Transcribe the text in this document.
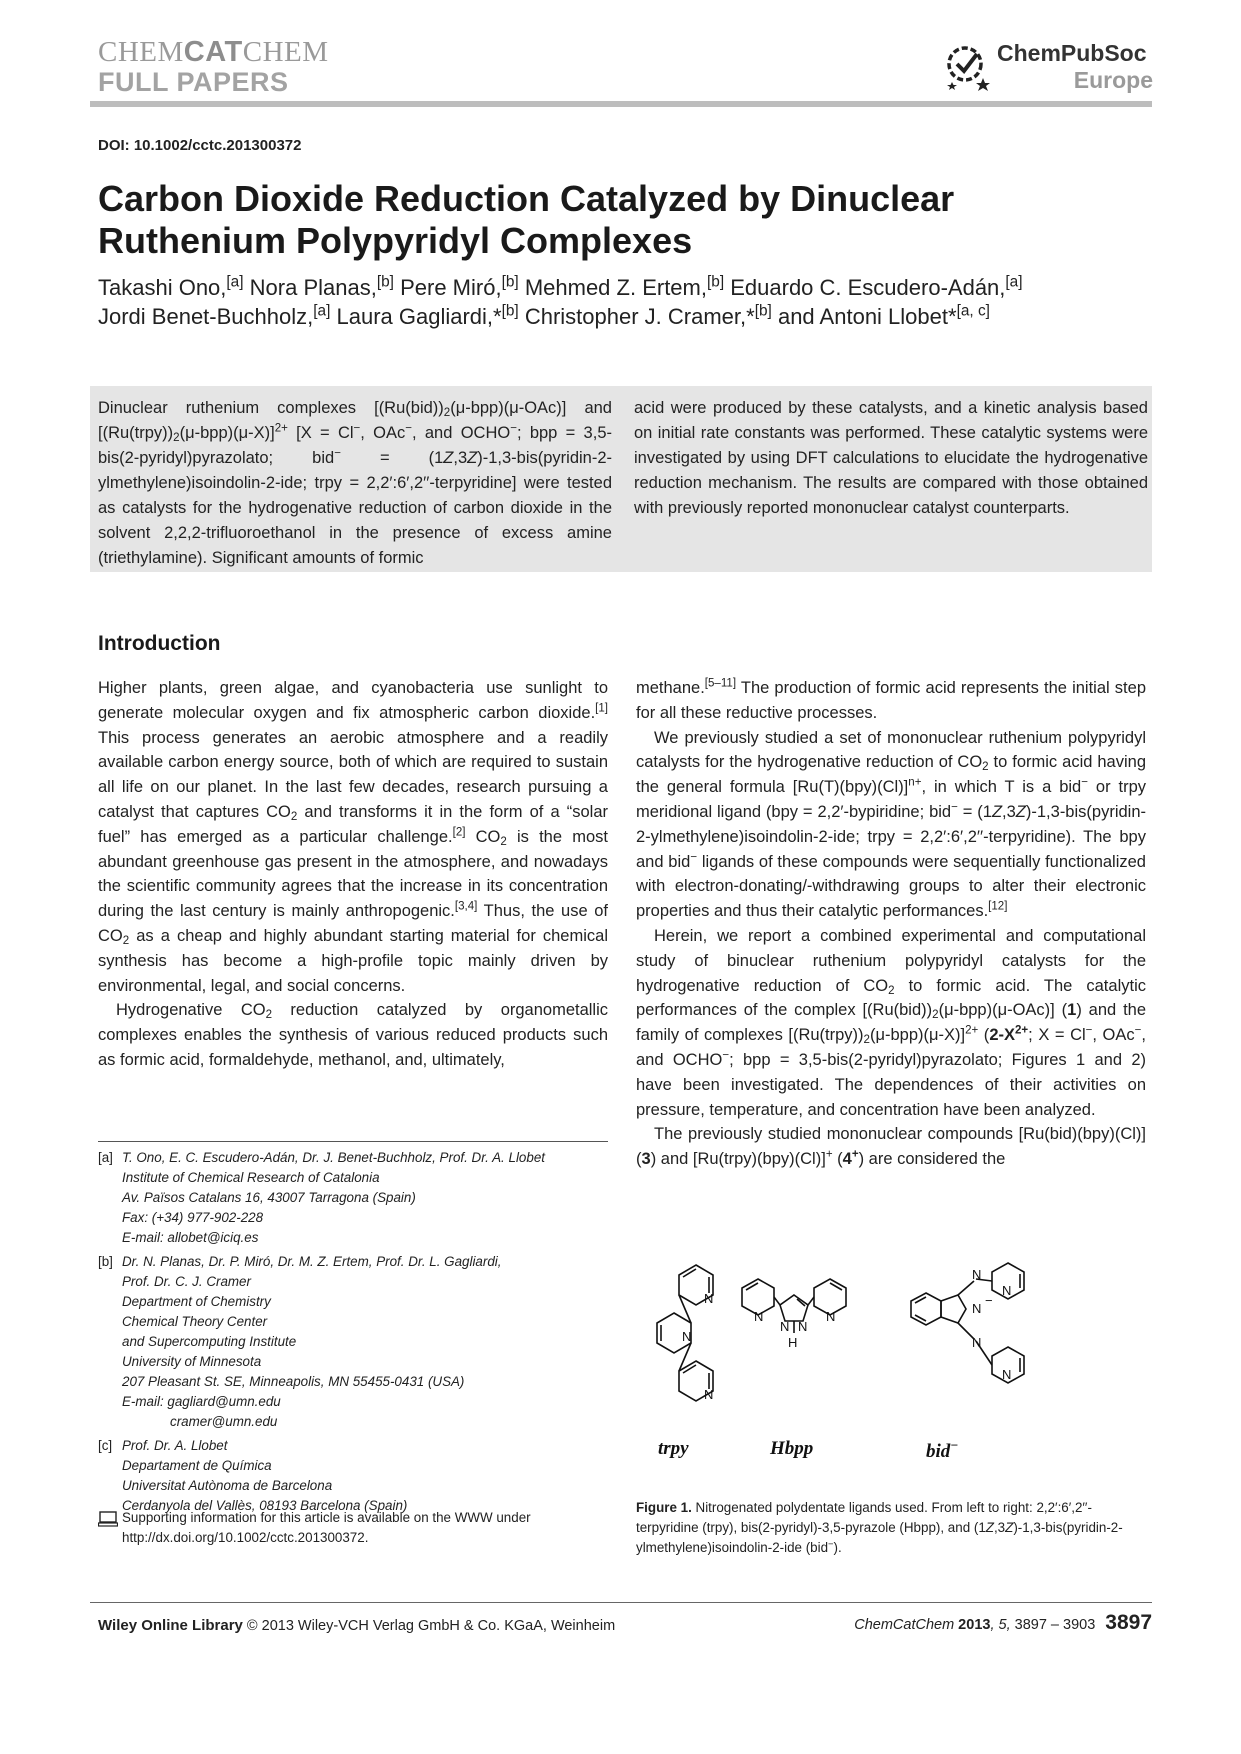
CHEMCATCHEM
FULL PAPERS
ChemPubSoc
Europe
DOI: 10.1002/cctc.201300372
Carbon Dioxide Reduction Catalyzed by Dinuclear
Ruthenium Polypyridyl Complexes
Takashi Ono,[a] Nora Planas,[b] Pere Miró,[b] Mehmed Z. Ertem,[b] Eduardo C. Escudero-Adán,[a]
Jordi Benet-Buchholz,[a] Laura Gagliardi,*[b] Christopher J. Cramer,*[b] and Antoni Llobet*[a, c]
Dinuclear ruthenium complexes $[(Ru(bid))_2(\mu-bpp)(\mu-OAc)]$ and $[(Ru(trpy))_2(\mu-bpp)(\mu-X)]^{2+}$ [X = Cl−, OAc−, and OCHO−; bpp = 3,5-bis(2-pyridyl)pyrazolato; bid− = (1Z,3Z)-1,3-bis(pyridin-2-ylmethylene)isoindolin-2-ide; trpy = 2,2′:6′,2′′-terpyridine] were tested as catalysts for the hydrogenative reduction of carbon dioxide in the solvent 2,2,2-trifluoroethanol in the presence of excess amine (triethylamine). Significant amounts of formic
acid were produced by these catalysts, and a kinetic analysis based on initial rate constants was performed. These catalytic systems were investigated by using DFT calculations to elucidate the hydrogenative reduction mechanism. The results are compared with those obtained with previously reported mononuclear catalyst counterparts.
Introduction

Higher plants, green algae, and cyanobacteria use sunlight to generate molecular oxygen and fix atmospheric carbon dioxide.[1] This process generates an aerobic atmosphere and a readily available carbon energy source, both of which are required to sustain all life on our planet. In the last few decades, research pursuing a catalyst that captures $CO_2$ and transforms it in the form of a “solar fuel” has emerged as a particular challenge.[2] $CO_2$ is the most abundant greenhouse gas present in the atmosphere, and nowadays the scientific community agrees that the increase in its concentration during the last century is mainly anthropogenic.[3,4] Thus, the use of $CO_2$ as a cheap and highly abundant starting material for chemical synthesis has become a high-profile topic mainly driven by environmental, legal, and social concerns.

Hydrogenative $CO_2$ reduction catalyzed by organometallic complexes enables the synthesis of various reduced products such as formic acid, formaldehyde, methanol, and, ultimately,

methane.[5–11] The production of formic acid represents the initial step for all these reductive processes.

We previously studied a set of mononuclear ruthenium polypyridyl catalysts for the hydrogenative reduction of $CO_2$ to formic acid having the general formula $[Ru(T)(bpy)(Cl)]^{n+}$, in which T is a bid− or trpy meridional ligand (bpy = 2,2′-bypiridine; bid− = (1Z,3Z)-1,3-bis(pyridin-2-ylmethylene)isoindolin-2-ide; trpy = 2,2′:6′,2′′-terpyridine). The bpy and bid− ligands of these compounds were sequentially functionalized with electron-donating/-withdrawing groups to alter their electronic properties and thus their catalytic performances.[12]

Herein, we report a combined experimental and computational study of binuclear ruthenium polypyridyl catalysts for the hydrogenative reduction of $CO_2$ to formic acid. The catalytic performances of the complex $[(Ru(bid))_2(\mu-bpp)(\mu-OAc)]$ (1) and the family of complexes $[(Ru(trpy))_2(\mu-bpp)(\mu-X)]^{2+}$ ($2-X^{2+}$; X = Cl−, OAc−, and OCHO−; bpp = 3,5-bis(2-pyridyl)pyrazolato; Figures 1 and 2) have been investigated. The dependences of their activities on pressure, temperature, and concentration have been analyzed.

The previously studied mononuclear compounds [Ru(bid)(bpy)(Cl)] (3) and [Ru(trpy)(bpy)(Cl)]+ (4+) are considered the

[a] T. Ono, E. C. Escudero-Adán, Dr. J. Benet-Buchholz, Prof. Dr. A. Llobet
Institute of Chemical Research of Catalonia
Av. Països Catalans 16, 43007 Tarragona (Spain)
Fax: (+34) 977-902-228
E-mail: allobet@iciq.es
[b] Dr. N. Planas, Dr. P. Miró, Dr. M. Z. Ertem, Prof. Dr. L. Gagliardi,
Prof. Dr. C. J. Cramer
Department of Chemistry
Chemical Theory Center
and Supercomputing Institute
University of Minnesota
207 Pleasant St. SE, Minneapolis, MN 55455-0431 (USA)
E-mail: gagliard@umn.edu
cramer@umn.edu
[c] Prof. Dr. A. Llobet
Departament de Química
Universitat Autònoma de Barcelona
Cerdanyola del Vallès, 08193 Barcelona (Spain)
Supporting information for this article is available on the WWW under http://dx.doi.org/10.1002/cctc.201300372.
N
N
N
N	N
N N
H
N
N
N
N
N
−
trpy	Hbpp	bid−
Figure 1. Nitrogenated polydentate ligands used. From left to right: 2,2′:6′,2′′-terpyridine (trpy), bis(2-pyridyl)-3,5-pyrazole (Hbpp), and (1Z,3Z)-1,3-bis(pyridin-2-ylmethylene)isoindolin-2-ide (bid−).
Wiley Online Library © 2013 Wiley-VCH Verlag GmbH & Co. KGaA, Weinheim	ChemCatChem 2013, 5, 3897 – 3903 3897
